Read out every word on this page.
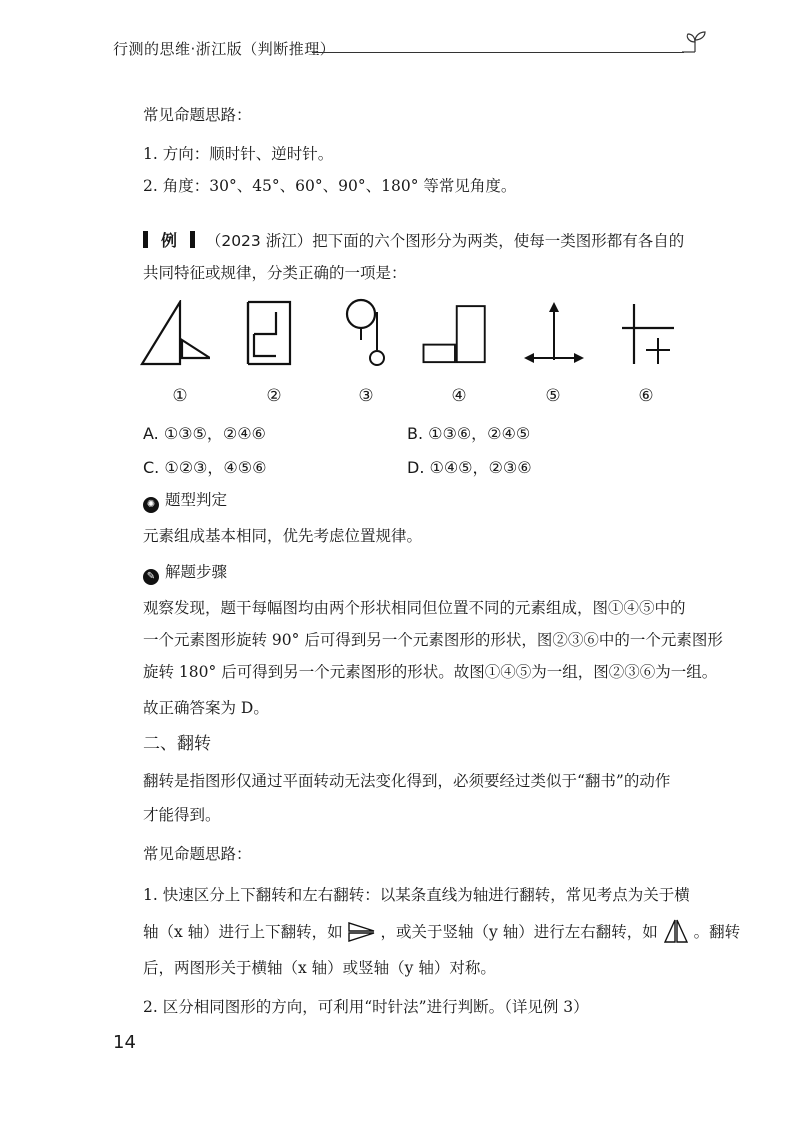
行测的思维·浙江版（判断推理）
常见命题思路：
1. 方向：顺时针、逆时针。
2. 角度：30°、45°、60°、90°、180° 等常见角度。
例 （2023 浙江）把下面的六个图形分为两类，使每一类图形都有各自的
共同特征或规律，分类正确的一项是：
①	②	③	④	⑤	⑥
A. ①③⑤，②④⑥	B. ①③⑥，②④⑤
C. ①②③，④⑤⑥	D. ①④⑤，②③⑥
✺ 题型判定
元素组成基本相同，优先考虑位置规律。
✎ 解题步骤
观察发现，题干每幅图均由两个形状相同但位置不同的元素组成，图①④⑤中的
一个元素图形旋转 90° 后可得到另一个元素图形的形状，图②③⑥中的一个元素图形
旋转 180° 后可得到另一个元素图形的形状。故图①④⑤为一组，图②③⑥为一组。
故正确答案为 D。
二、翻转
翻转是指图形仅通过平面转动无法变化得到，必须要经过类似于“翻书”的动作
才能得到。
常见命题思路：
1. 快速区分上下翻转和左右翻转：以某条直线为轴进行翻转，常见考点为关于横
轴（x 轴）进行上下翻转，如 ，或关于竖轴（y 轴）进行左右翻转，如 。翻转
后，两图形关于横轴（x 轴）或竖轴（y 轴）对称。
2. 区分相同图形的方向，可利用“时针法”进行判断。（详见例 3）
14
